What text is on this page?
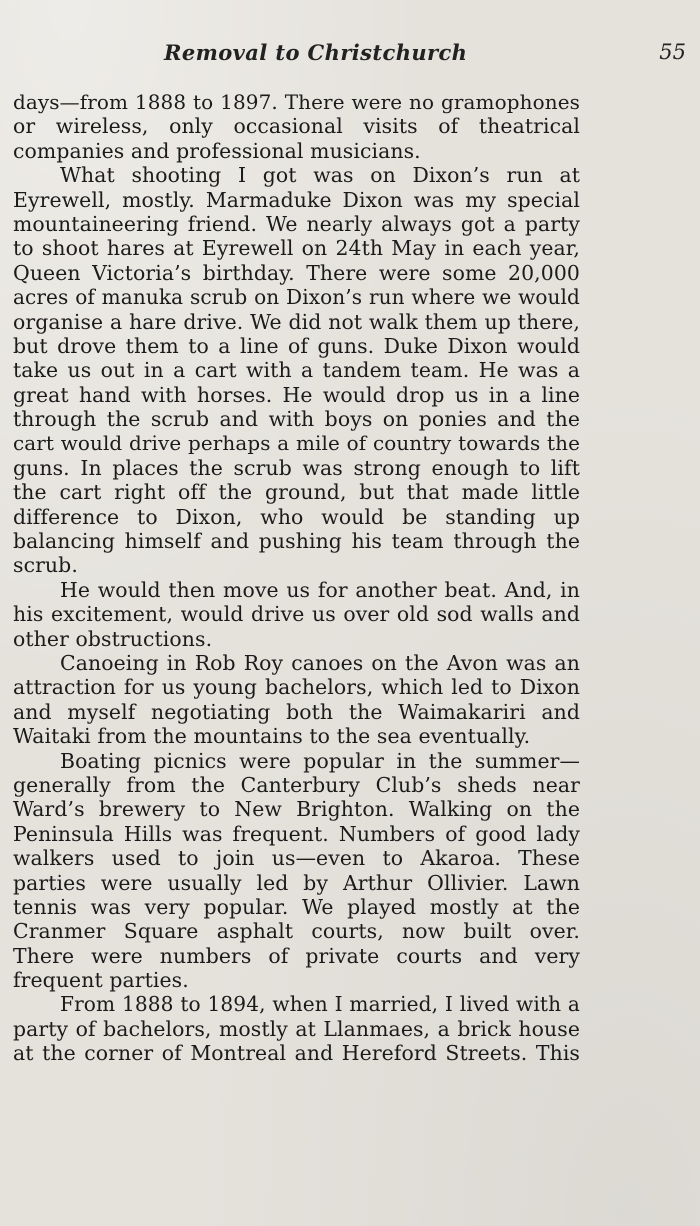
Removal to Christchurch	55
days—from 1888 to 1897. There were no gramophones
or wireless, only occasional visits of theatrical
companies and professional musicians.
What shooting I got was on Dixon’s run at
Eyrewell, mostly. Marmaduke Dixon was my special
mountaineering friend. We nearly always got a party
to shoot hares at Eyrewell on 24th May in each year,
Queen Victoria’s birthday. There were some 20,000
acres of manuka scrub on Dixon’s run where we would
organise a hare drive. We did not walk them up there,
but drove them to a line of guns. Duke Dixon would
take us out in a cart with a tandem team. He was a
great hand with horses. He would drop us in a line
through the scrub and with boys on ponies and the
cart would drive perhaps a mile of country towards the
guns. In places the scrub was strong enough to lift
the cart right off the ground, but that made little
difference to Dixon, who would be standing up
balancing himself and pushing his team through the
scrub.
He would then move us for another beat. And, in
his excitement, would drive us over old sod walls and
other obstructions.
Canoeing in Rob Roy canoes on the Avon was an
attraction for us young bachelors, which led to Dixon
and myself negotiating both the Waimakariri and
Waitaki from the mountains to the sea eventually.
Boating picnics were popular in the summer—
generally from the Canterbury Club’s sheds near
Ward’s brewery to New Brighton. Walking on the
Peninsula Hills was frequent. Numbers of good lady
walkers used to join us—even to Akaroa. These
parties were usually led by Arthur Ollivier. Lawn
tennis was very popular. We played mostly at the
Cranmer Square asphalt courts, now built over.
There were numbers of private courts and very
frequent parties.
From 1888 to 1894, when I married, I lived with a
party of bachelors, mostly at Llanmaes, a brick house
at the corner of Montreal and Hereford Streets. This
